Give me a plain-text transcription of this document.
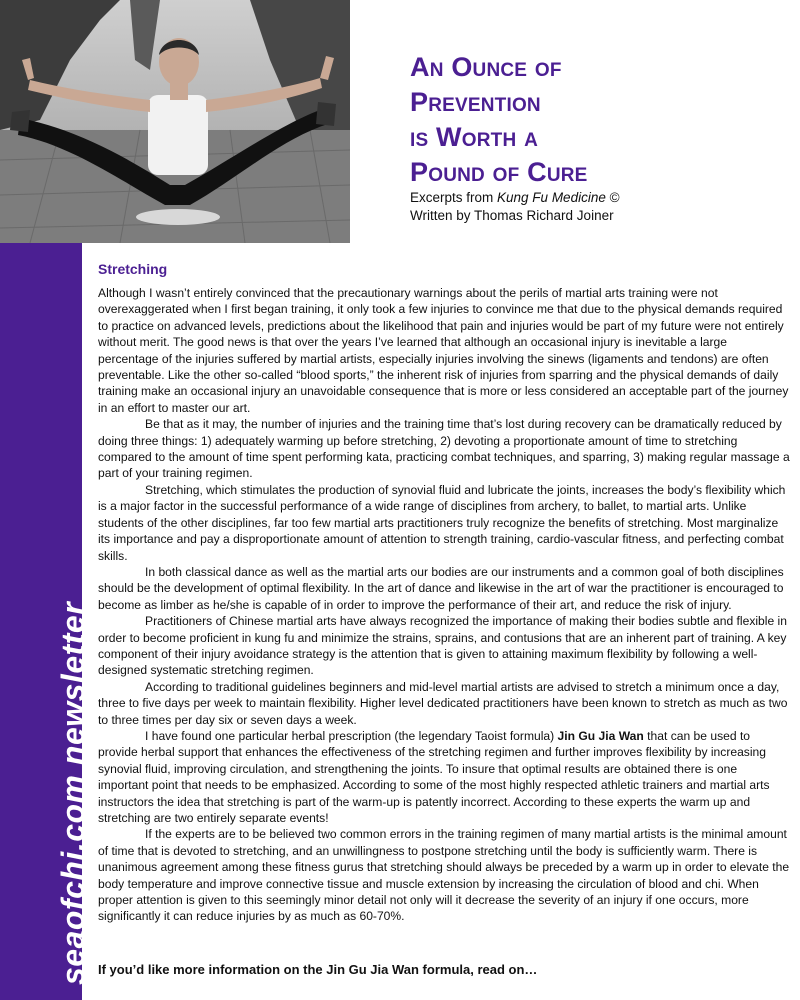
An Ounce of
Prevention
is Worth a
Pound of Cure
Excerpts from Kung Fu Medicine ©
Written by Thomas Richard Joiner
seaofchi.com newsletter
Stretching

Although I wasn’t entirely convinced that the precautionary warnings about the perils of martial arts training were not overexaggerated when I first began training, it only took a few injuries to convince me that due to the physical demands required to practice on advanced levels, predictions about the likelihood that pain and injuries would be part of my future were not entirely without merit. The good news is that over the years I’ve learned that although an occasional injury is inevitable a large percentage of the injuries suffered by martial artists, especially injuries involving the sinews (ligaments and tendons) are often preventable. Like the other so-called “blood sports,” the inherent risk of injuries from sparring and the physical demands of daily training make an occasional injury an unavoidable consequence that is more or less considered an acceptable part of the journey in an effort to master our art.

Be that as it may, the number of injuries and the training time that’s lost during recovery can be dramatically reduced by doing three things: 1) adequately warming up before stretching, 2) devoting a proportionate amount of time to stretching compared to the amount of time spent performing kata, practicing combat techniques, and sparring, 3) making regular massage a part of your training regimen.

Stretching, which stimulates the production of synovial fluid and lubricate the joints, increases the body’s flexibility which is a major factor in the successful performance of a wide range of disciplines from archery, to ballet, to martial arts. Unlike students of the other disciplines, far too few martial arts practitioners truly recognize the benefits of stretching. Most marginalize its importance and pay a disproportionate amount of attention to strength training, cardio-vascular fitness, and perfecting combat skills.

In both classical dance as well as the martial arts our bodies are our instruments and a common goal of both disciplines should be the development of optimal flexibility. In the art of dance and likewise in the art of war the practitioner is encouraged to become as limber as he/she is capable of in order to improve the performance of their art, and reduce the risk of injury.

Practitioners of Chinese martial arts have always recognized the importance of making their bodies subtle and flexible in order to become proficient in kung fu and minimize the strains, sprains, and contusions that are an inherent part of training. A key component of their injury avoidance strategy is the attention that is given to attaining maximum flexibility by following a well-designed systematic stretching regimen.

According to traditional guidelines beginners and mid-level martial artists are advised to stretch a minimum once a day, three to five days per week to maintain flexibility. Higher level dedicated practitioners have been known to stretch as much as two to three times per day six or seven days a week.

I have found one particular herbal prescription (the legendary Taoist formula) Jin Gu Jia Wan that can be used to provide herbal support that enhances the effectiveness of the stretching regimen and further improves flexibility by increasing synovial fluid, improving circulation, and strengthening the joints. To insure that optimal results are obtained there is one important point that needs to be emphasized. According to some of the most highly respected athletic trainers and martial arts instructors the idea that stretching is part of the warm-up is patently incorrect. According to these experts the warm up and stretching are two entirely separate events!

If the experts are to be believed two common errors in the training regimen of many martial artists is the minimal amount of time that is devoted to stretching, and an unwillingness to postpone stretching until the body is sufficiently warm. There is unanimous agreement among these fitness gurus that stretching should always be preceded by a warm up in order to elevate the body temperature and improve connective tissue and muscle extension by increasing the circulation of blood and chi. When proper attention is given to this seemingly minor detail not only will it decrease the severity of an injury if one occurs, more significantly it can reduce injuries by as much as 60-70%.

If you’d like more information on the Jin Gu Jia Wan formula, read on…
